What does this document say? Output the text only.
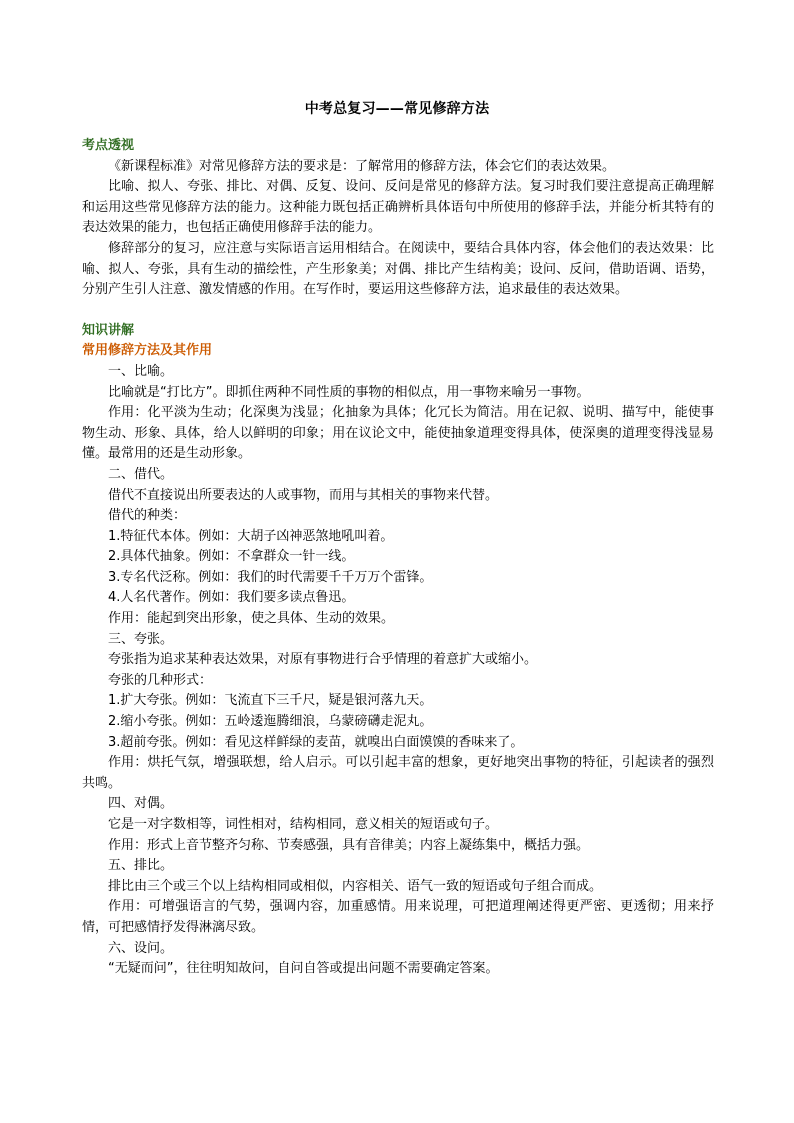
中考总复习——常见修辞方法
考点透视

《新课程标准》对常见修辞方法的要求是：了解常用的修辞方法，体会它们的表达效果。

比喻、拟人、夸张、排比、对偶、反复、设问、反问是常见的修辞方法。复习时我们要注意提高正确理解和运用这些常见修辞方法的能力。这种能力既包括正确辨析具体语句中所使用的修辞手法，并能分析其特有的表达效果的能力，也包括正确使用修辞手法的能力。

修辞部分的复习，应注意与实际语言运用相结合。在阅读中，要结合具体内容，体会他们的表达效果：比喻、拟人、夸张，具有生动的描绘性，产生形象美；对偶、排比产生结构美；设问、反问，借助语调、语势，分别产生引人注意、激发情感的作用。在写作时，要运用这些修辞方法，追求最佳的表达效果。

知识讲解
常用修辞方法及其作用

一、比喻。

比喻就是“打比方”。即抓住两种不同性质的事物的相似点，用一事物来喻另一事物。

作用：化平淡为生动；化深奥为浅显；化抽象为具体；化冗长为简洁。用在记叙、说明、描写中，能使事物生动、形象、具体，给人以鲜明的印象；用在议论文中，能使抽象道理变得具体，使深奥的道理变得浅显易懂。最常用的还是生动形象。

二、借代。

借代不直接说出所要表达的人或事物，而用与其相关的事物来代替。

借代的种类：

1.特征代本体。例如：大胡子凶神恶煞地吼叫着。

2.具体代抽象。例如：不拿群众一针一线。

3.专名代泛称。例如：我们的时代需要千千万万个雷锋。

4.人名代著作。例如：我们要多读点鲁迅。

作用：能起到突出形象，使之具体、生动的效果。

三、夸张。

夸张指为追求某种表达效果，对原有事物进行合乎情理的着意扩大或缩小。

夸张的几种形式：

1.扩大夸张。例如：飞流直下三千尺，疑是银河落九天。

2.缩小夸张。例如：五岭逶迤腾细浪，乌蒙磅礴走泥丸。

3.超前夸张。例如：看见这样鲜绿的麦苗，就嗅出白面馍馍的香味来了。

作用：烘托气氛，增强联想，给人启示。可以引起丰富的想象，更好地突出事物的特征，引起读者的强烈共鸣。

四、对偶。

它是一对字数相等，词性相对，结构相同，意义相关的短语或句子。

作用：形式上音节整齐匀称、节奏感强，具有音律美；内容上凝练集中，概括力强。

五、排比。

排比由三个或三个以上结构相同或相似，内容相关、语气一致的短语或句子组合而成。

作用：可增强语言的气势，强调内容，加重感情。用来说理，可把道理阐述得更严密、更透彻；用来抒情，可把感情抒发得淋漓尽致。

六、设问。

“无疑而问”，往往明知故问，自问自答或提出问题不需要确定答案。
